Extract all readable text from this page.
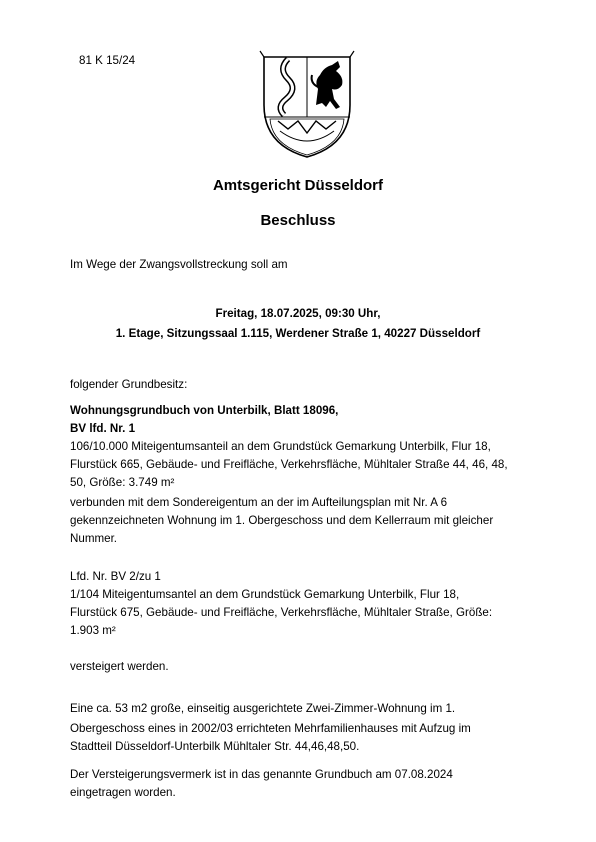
81 K 15/24

Amtsgericht Düsseldorf

Beschluss

Im Wege der Zwangsvollstreckung soll am

Freitag, 18.07.2025, 09:30 Uhr,

1. Etage, Sitzungssaal 1.115, Werdener Straße 1, 40227 Düsseldorf

folgender Grundbesitz:

Wohnungsgrundbuch von Unterbilk, Blatt 18096,

BV lfd. Nr. 1

106/10.000 Miteigentumsanteil an dem Grundstück Gemarkung Unterbilk, Flur 18,

Flurstück 665, Gebäude- und Freifläche, Verkehrsfläche, Mühltaler Straße 44, 46, 48,

50, Größe: 3.749 m²

verbunden mit dem Sondereigentum an der im Aufteilungsplan mit Nr. A 6

gekennzeichneten Wohnung im 1. Obergeschoss und dem Kellerraum mit gleicher

Nummer.

Lfd. Nr. BV 2/zu 1

1/104 Miteigentumsantel an dem Grundstück Gemarkung Unterbilk, Flur 18,

Flurstück 675, Gebäude- und Freifläche, Verkehrsfläche, Mühltaler Straße, Größe:

1.903 m²

versteigert werden.

Eine ca. 53 m2 große, einseitig ausgerichtete Zwei-Zimmer-Wohnung im 1.

Obergeschoss eines in 2002/03 errichteten Mehrfamilienhauses mit Aufzug im

Stadtteil Düsseldorf-Unterbilk Mühltaler Str. 44,46,48,50.

Der Versteigerungsvermerk ist in das genannte Grundbuch am 07.08.2024

eingetragen worden.
